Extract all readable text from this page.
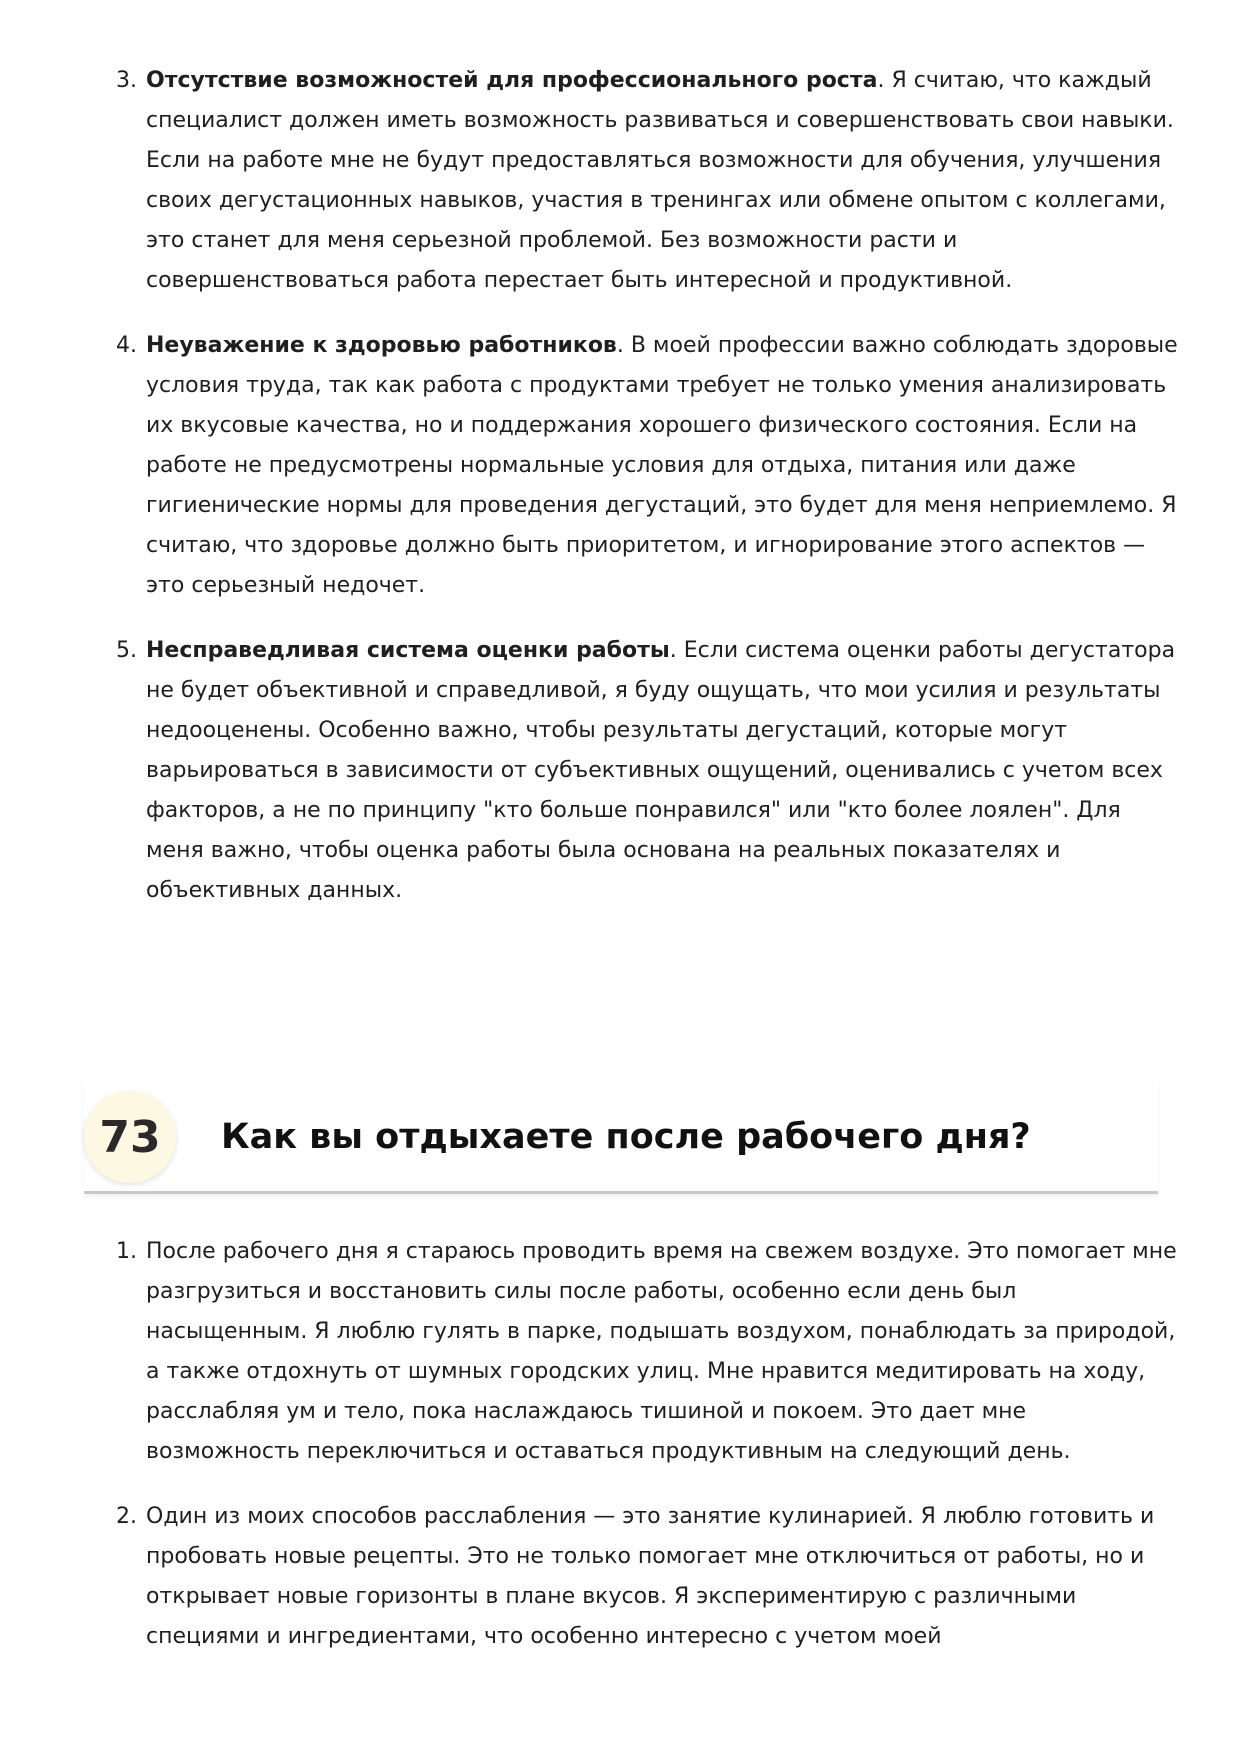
3. Отсутствие возможностей для профессионального роста. Я считаю, что каждый специалист должен иметь возможность развиваться и совершенствовать свои навыки. Если на работе мне не будут предоставляться возможности для обучения, улучшения своих дегустационных навыков, участия в тренингах или обмене опытом с коллегами, это станет для меня серьезной проблемой. Без возможности расти и совершенствоваться работа перестает быть интересной и продуктивной.
4. Неуважение к здоровью работников. В моей профессии важно соблюдать здоровые условия труда, так как работа с продуктами требует не только умения анализировать их вкусовые качества, но и поддержания хорошего физического состояния. Если на работе не предусмотрены нормальные условия для отдыха, питания или даже гигиенические нормы для проведения дегустаций, это будет для меня неприемлемо. Я считаю, что здоровье должно быть приоритетом, и игнорирование этого аспектов — это серьезный недочет.
5. Несправедливая система оценки работы. Если система оценки работы дегустатора не будет объективной и справедливой, я буду ощущать, что мои усилия и результаты недооценены. Особенно важно, чтобы результаты дегустаций, которые могут варьироваться в зависимости от субъективных ощущений, оценивались с учетом всех факторов, а не по принципу "кто больше понравился" или "кто более лоялен". Для меня важно, чтобы оценка работы была основана на реальных показателях и объективных данных.
73	Как вы отдыхаете после рабочего дня?
1. После рабочего дня я стараюсь проводить время на свежем воздухе. Это помогает мне разгрузиться и восстановить силы после работы, особенно если день был насыщенным. Я люблю гулять в парке, подышать воздухом, понаблюдать за природой, а также отдохнуть от шумных городских улиц. Мне нравится медитировать на ходу, расслабляя ум и тело, пока наслаждаюсь тишиной и покоем. Это дает мне возможность переключиться и оставаться продуктивным на следующий день.
2. Один из моих способов расслабления — это занятие кулинарией. Я люблю готовить и пробовать новые рецепты. Это не только помогает мне отключиться от работы, но и открывает новые горизонты в плане вкусов. Я экспериментирую с различными специями и ингредиентами, что особенно интересно с учетом моей
